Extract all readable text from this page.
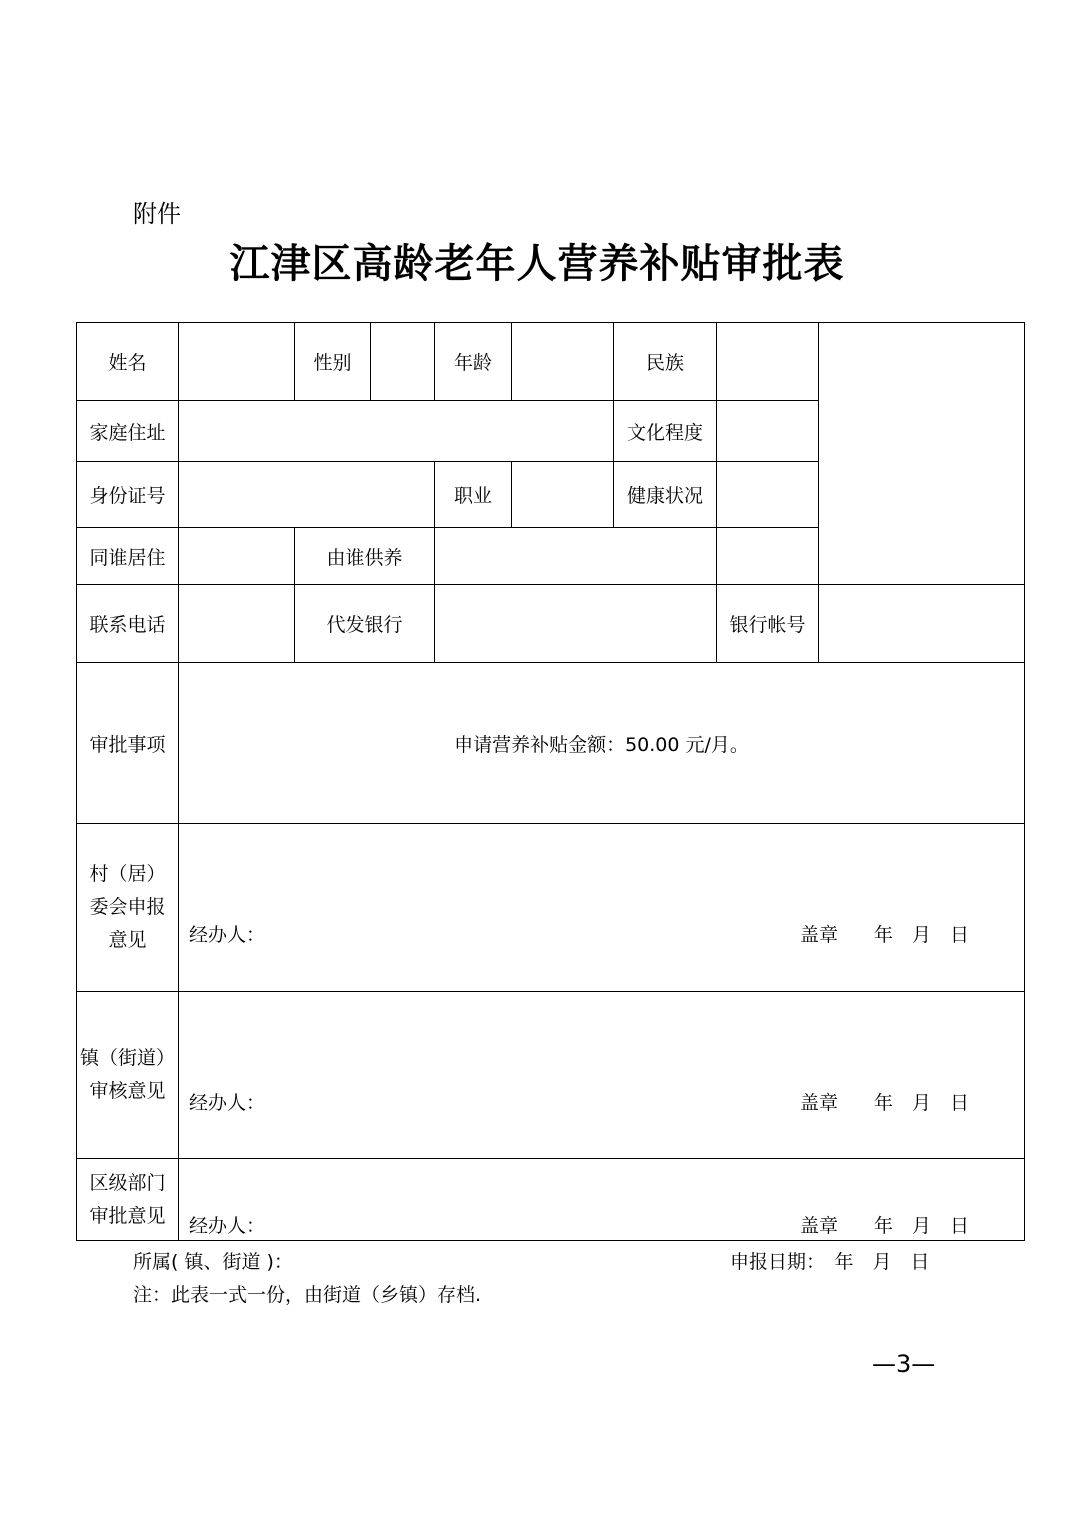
附件
江津区高龄老年人营养补贴审批表
姓名		性别		年龄		民族		
家庭住址						文化程度		
身份证号				职业		健康状况		
同谁居住		由谁供养						
联系电话		代发银行					银行帐号	
审批事项	申请营养补贴金额：50.00 元/月。							

村（居）
委会申报
意见	经办人： 盖章 年　月　日							

镇（街道）
审核意见	经办人： 盖章 年　月　日							

区级部门
审批意见	经办人： 盖章 年　月　日							
所属( 镇、街道 )：	申报日期：　年　月　日
注：此表一式一份，由街道（乡镇）存档.
—3—
